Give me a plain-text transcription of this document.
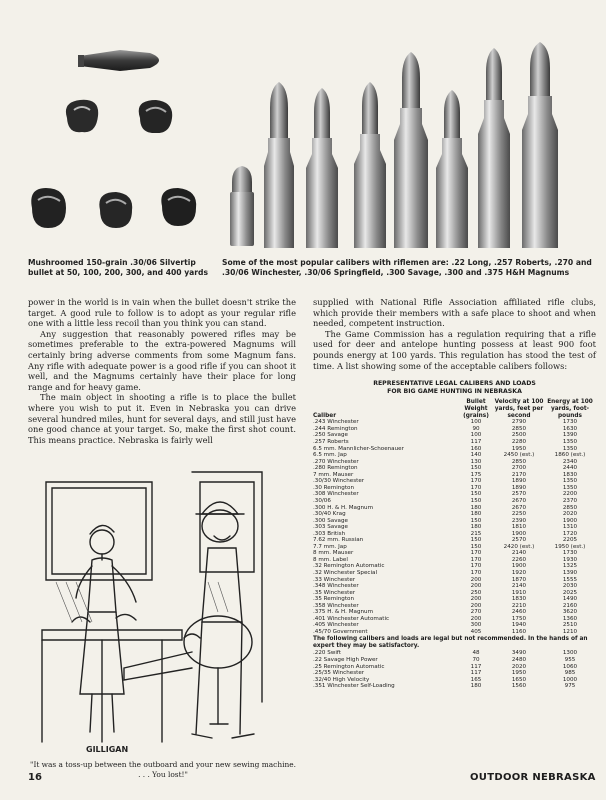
Mushroomed 150-grain .30/06 Silvertip bullet at 50, 100, 200, 300, and 400 yards
Some of the most popular calibers with riflemen are: .22 Long, .257 Roberts, .270 and .30/06 Winchester, .30/06 Springfield, .300 Savage, .300 and .375 H&H Magnums

power in the world is in vain when the bullet doesn't strike the target. A good rule to follow is to adopt as your regular rifle one with a little less recoil than you think you can stand.

Any suggestion that reasonably powered rifles may be sometimes preferable to the extra-powered Magnums will certainly bring adverse comments from some Magnum fans. Any rifle with adequate power is a good rifle if you can shoot it well, and the Magnums certainly have their place for long range and for heavy game.

The main object in shooting a rifle is to place the bullet where you wish to put it. Even in Nebraska you can drive several hundred miles, hunt for several days, and still just have one good chance at your target. So, make the first shot count. This means practice. Nebraska is fairly well

GILLIGAN
"It was a toss-up between the outboard and your new sewing machine. . . . You lost!"

supplied with National Rifle Association affiliated rifle clubs, which provide their members with a safe place to shoot and when needed, competent instruction.

The Game Commission has a regulation requiring that a rifle used for deer and antelope hunting possess at least 900 foot pounds energy at 100 yards. This regulation has stood the test of time. A list showing some of the acceptable calibers follows:

REPRESENTATIVE LEGAL CALIBERS AND LOADS
FOR BIG GAME HUNTING IN NEBRASKA
Caliber	Bullet Weight (grains)	Velocity at 100 yards, feet per second	Energy at 100 yards, foot-pounds
.243 Winchester	100	2790	1730
.244 Remington	90	2850	1630
.250 Savage	100	2500	1390
.257 Roberts	117	2280	1350
6.5 mm. Mannlicher-Schoenauer	160	1950	1350
6.5 mm. Jap	140	2450 (est.)	1860 (est.)
.270 Winchester	130	2850	2340
.280 Remington	150	2700	2440
7 mm. Mauser	175	2170	1830
.30/30 Winchester	170	1890	1350
.30 Remington	170	1890	1350
.308 Winchester	150	2570	2200
.30/06	150	2670	2370
.300 H. & H. Magnum	180	2670	2850
.30/40 Krag	180	2250	2020
.300 Savage	150	2390	1900
.303 Savage	180	1810	1310
.303 British	215	1900	1720
7.62 mm. Russian	150	2570	2205
7.7 mm. Jap	150	2420 (est.)	1950 (est.)
8 mm. Mauser	170	2140	1730
8 mm. Label	170	2260	1930
.32 Remington Automatic	170	1900	1325
.32 Winchester Special	170	1920	1390
.33 Winchester	200	1870	1555
.348 Winchester	200	2140	2030
.35 Winchester	250	1910	2025
.35 Remington	200	1830	1490
.358 Winchester	200	2210	2160
.375 H. & H. Magnum	270	2460	3620
.401 Winchester Automatic	200	1750	1360
.405 Winchester	300	1940	2510
.45/70 Government	405	1160	1210
The following calibers and loads are legal but not recommended. In the hands of an expert they may be satisfactory.
.220 Swift	48	3490	1300
.22 Savage High Power	70	2480	955
.25 Remington Automatic	117	2020	1060
.25/35 Winchester	117	1950	985
.32/40 High Velocity	165	1650	1000
.351 Winchester Self-Loading	180	1560	975
16	OUTDOOR NEBRASKA
